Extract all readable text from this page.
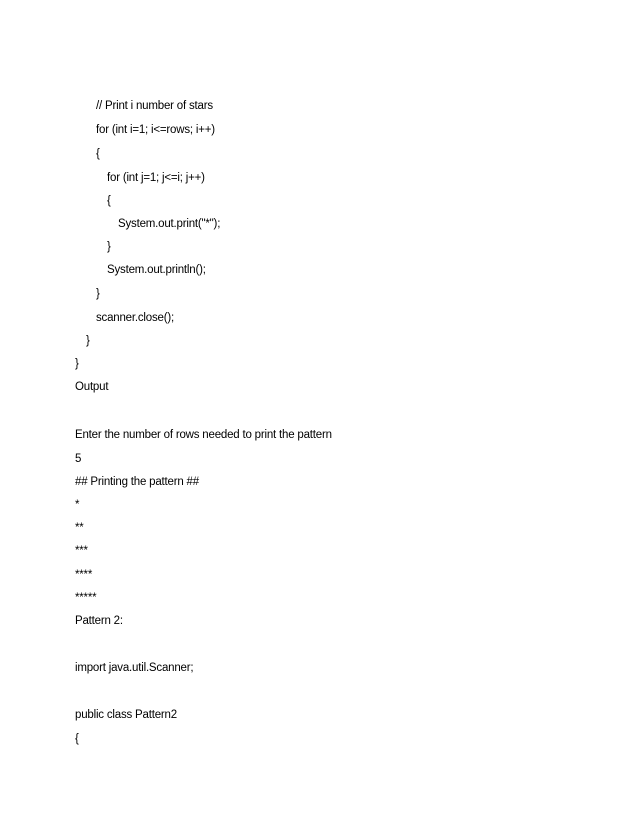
// Print i number of stars
for (int i=1; i<=rows; i++)
{
for (int j=1; j<=i; j++)
{
System.out.print("*");
}
System.out.println();
}
scanner.close();
}
}
Output
Enter the number of rows needed to print the pattern
5
## Printing the pattern ##
*
**
***
****
*****
Pattern 2:
import java.util.Scanner;
public class Pattern2
{
